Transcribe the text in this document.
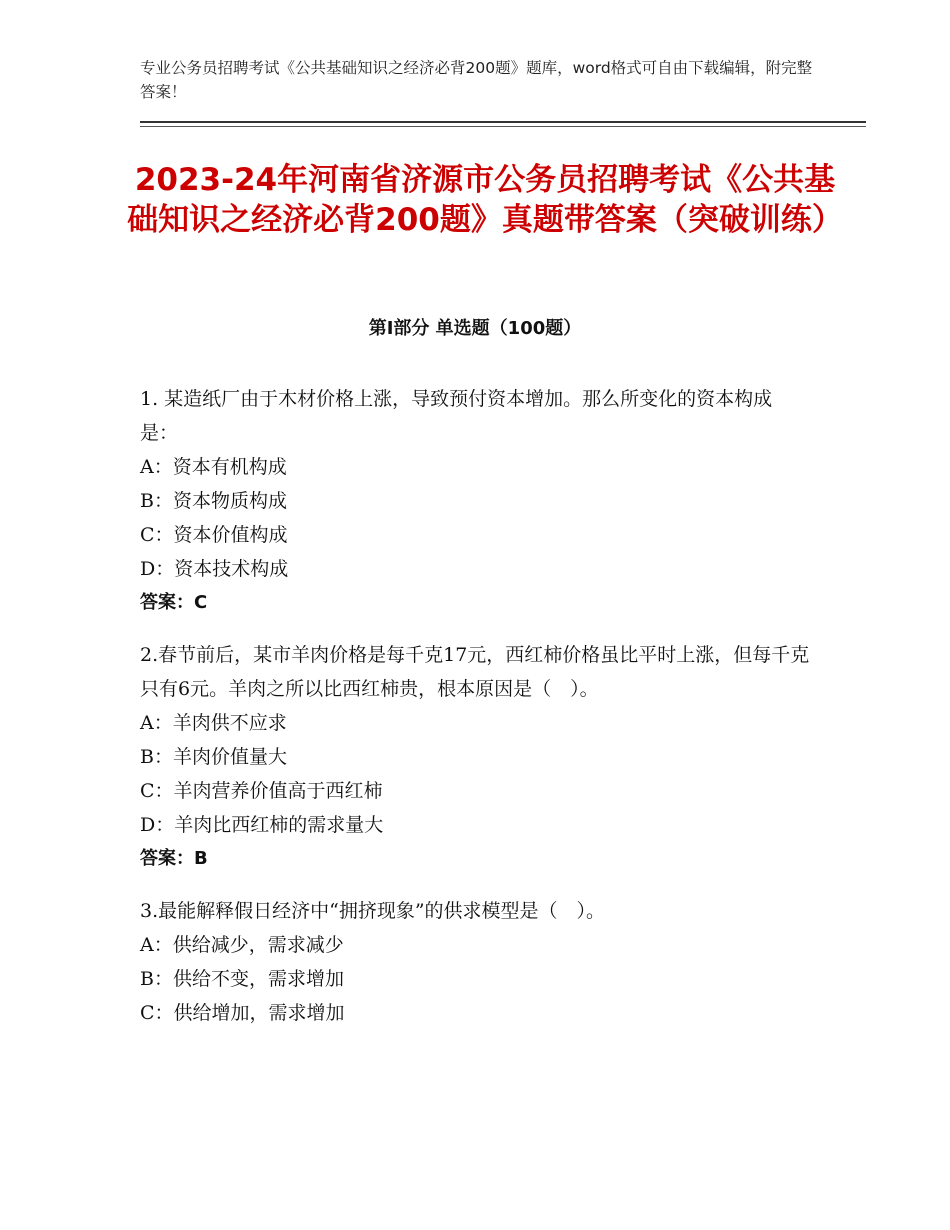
专业公务员招聘考试《公共基础知识之经济必背200题》题库，word格式可自由下载编辑，附完整答案！
2023-24年河南省济源市公务员招聘考试《公共基础知识之经济必背200题》真题带答案（突破训练）
第Ⅰ部分 单选题（100题）

1. 某造纸厂由于木材价格上涨，导致预付资本增加。那么所变化的资本构成是：

A：资本有机构成

B：资本物质构成

C：资本价值构成

D：资本技术构成

答案：C

2.春节前后，某市羊肉价格是每千克17元，西红柿价格虽比平时上涨，但每千克只有6元。羊肉之所以比西红柿贵，根本原因是（　）。

A：羊肉供不应求

B：羊肉价值量大

C：羊肉营养价值高于西红柿

D：羊肉比西红柿的需求量大

答案：B

3.最能解释假日经济中“拥挤现象”的供求模型是（　）。

A：供给减少，需求减少

B：供给不变，需求增加

C：供给增加，需求增加
